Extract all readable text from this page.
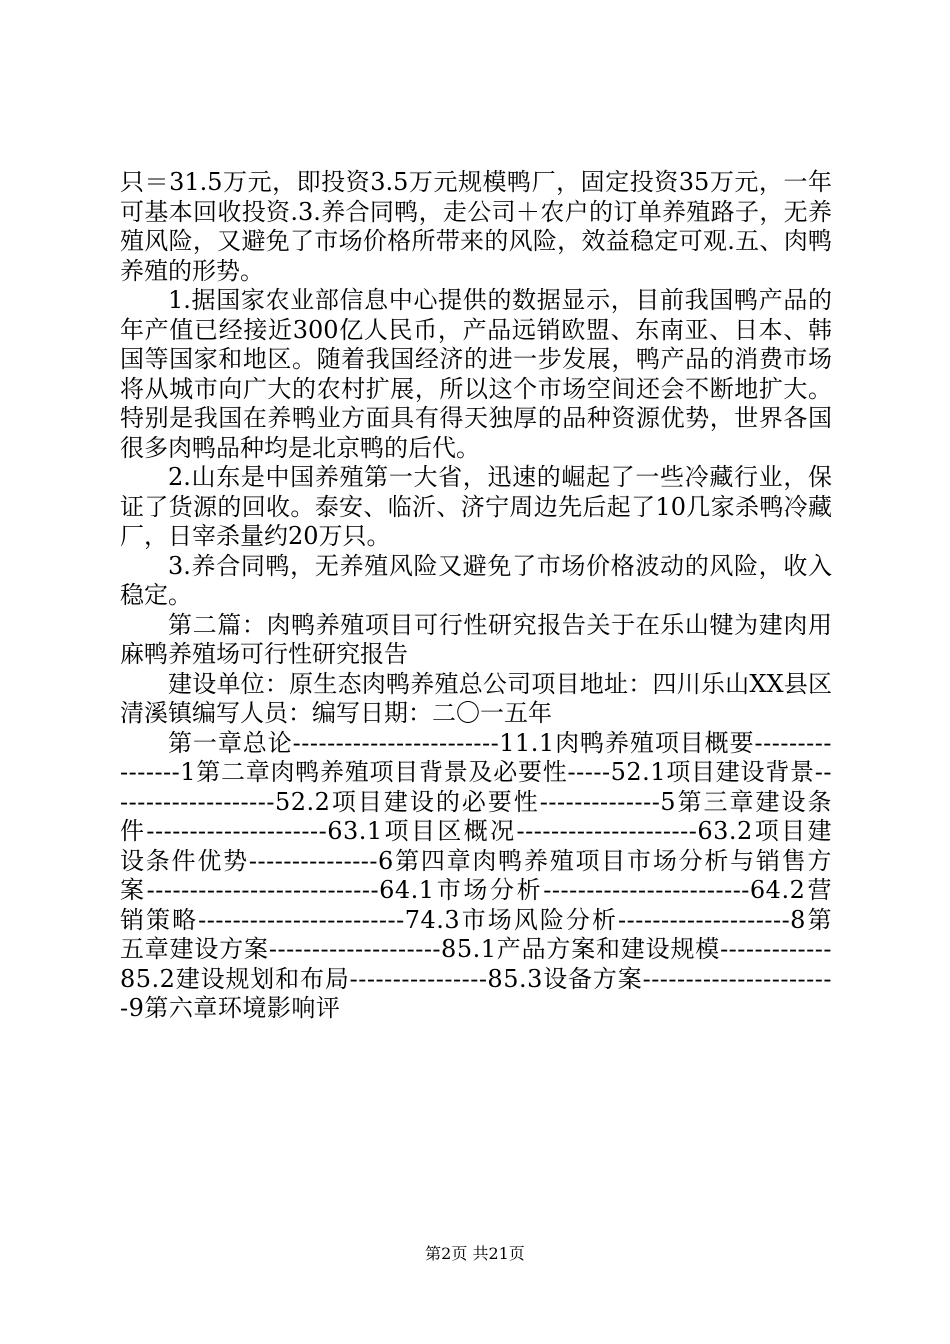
只＝31.5万元，即投资3.5万元规模鸭厂，固定投资35万元，一年可基本回收投资.3.养合同鸭，走公司＋农户的订单养殖路子，无养殖风险，又避免了市场价格所带来的风险，效益稳定可观.五、肉鸭养殖的形势。

1.据国家农业部信息中心提供的数据显示，目前我国鸭产品的年产值已经接近300亿人民币，产品远销欧盟、东南亚、日本、韩国等国家和地区。随着我国经济的进一步发展，鸭产品的消费市场将从城市向广大的农村扩展，所以这个市场空间还会不断地扩大。特别是我国在养鸭业方面具有得天独厚的品种资源优势，世界各国很多肉鸭品种均是北京鸭的后代。

2.山东是中国养殖第一大省，迅速的崛起了一些冷藏行业，保证了货源的回收。泰安、临沂、济宁周边先后起了10几家杀鸭冷藏厂，日宰杀量约20万只。

3.养合同鸭，无养殖风险又避免了市场价格波动的风险，收入稳定。

第二篇：肉鸭养殖项目可行性研究报告关于在乐山犍为建肉用麻鸭养殖场可行性研究报告

建设单位：原生态肉鸭养殖总公司项目地址：四川乐山XX县区清溪镇编写人员：编写日期：二〇一五年

第一章总论------------------------11.1肉鸭养殖项目概要----------------1第二章肉鸭养殖项目背景及必要性-----52.1项目建设背景--------------------52.2项目建设的必要性--------------5第三章建设条件---------------------63.1项目区概况---------------------63.2项目建设条件优势---------------6第四章肉鸭养殖项目市场分析与销售方案---------------------------64.1市场分析------------------------64.2营销策略------------------------74.3市场风险分析--------------------8第五章建设方案--------------------85.1产品方案和建设规模-------------85.2建设规划和布局----------------85.3设备方案-----------------------9第六章环境影响评

第2页 共21页
